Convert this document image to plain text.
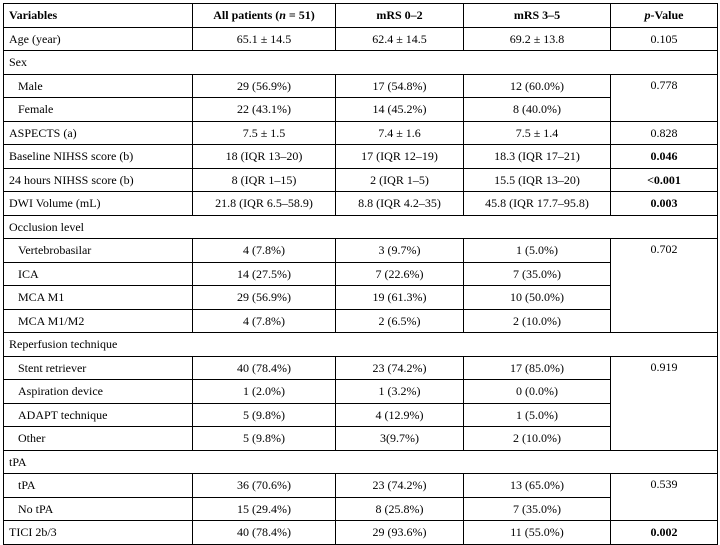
Variables	All patients (n = 51)	mRS 0–2	mRS 3–5	p-Value
Age (year)	65.1 ± 14.5	62.4 ± 14.5	69.2 ± 13.8	0.105
Sex				
Male	29 (56.9%)	17 (54.8%)	12 (60.0%)	0.778
Female	22 (43.1%)	14 (45.2%)	8 (40.0%)	
ASPECTS (a)	7.5 ± 1.5	7.4 ± 1.6	7.5 ± 1.4	0.828
Baseline NIHSS score (b)	18 (IQR 13–20)	17 (IQR 12–19)	18.3 (IQR 17–21)	0.046
24 hours NIHSS score (b)	8 (IQR 1–15)	2 (IQR 1–5)	15.5 (IQR 13–20)	<0.001
DWI Volume (mL)	21.8 (IQR 6.5–58.9)	8.8 (IQR 4.2–35)	45.8 (IQR 17.7–95.8)	0.003
Occlusion level				
Vertebrobasilar	4 (7.8%)	3 (9.7%)	1 (5.0%)	0.702
ICA	14 (27.5%)	7 (22.6%)	7 (35.0%)	
MCA M1	29 (56.9%)	19 (61.3%)	10 (50.0%)	
MCA M1/M2	4 (7.8%)	2 (6.5%)	2 (10.0%)	
Reperfusion technique				
Stent retriever	40 (78.4%)	23 (74.2%)	17 (85.0%)	0.919
Aspiration device	1 (2.0%)	1 (3.2%)	0 (0.0%)	
ADAPT technique	5 (9.8%)	4 (12.9%)	1 (5.0%)	
Other	5 (9.8%)	3(9.7%)	2 (10.0%)	
tPA				
tPA	36 (70.6%)	23 (74.2%)	13 (65.0%)	0.539
No tPA	15 (29.4%)	8 (25.8%)	7 (35.0%)	
TICI 2b/3	40 (78.4%)	29 (93.6%)	11 (55.0%)	0.002
